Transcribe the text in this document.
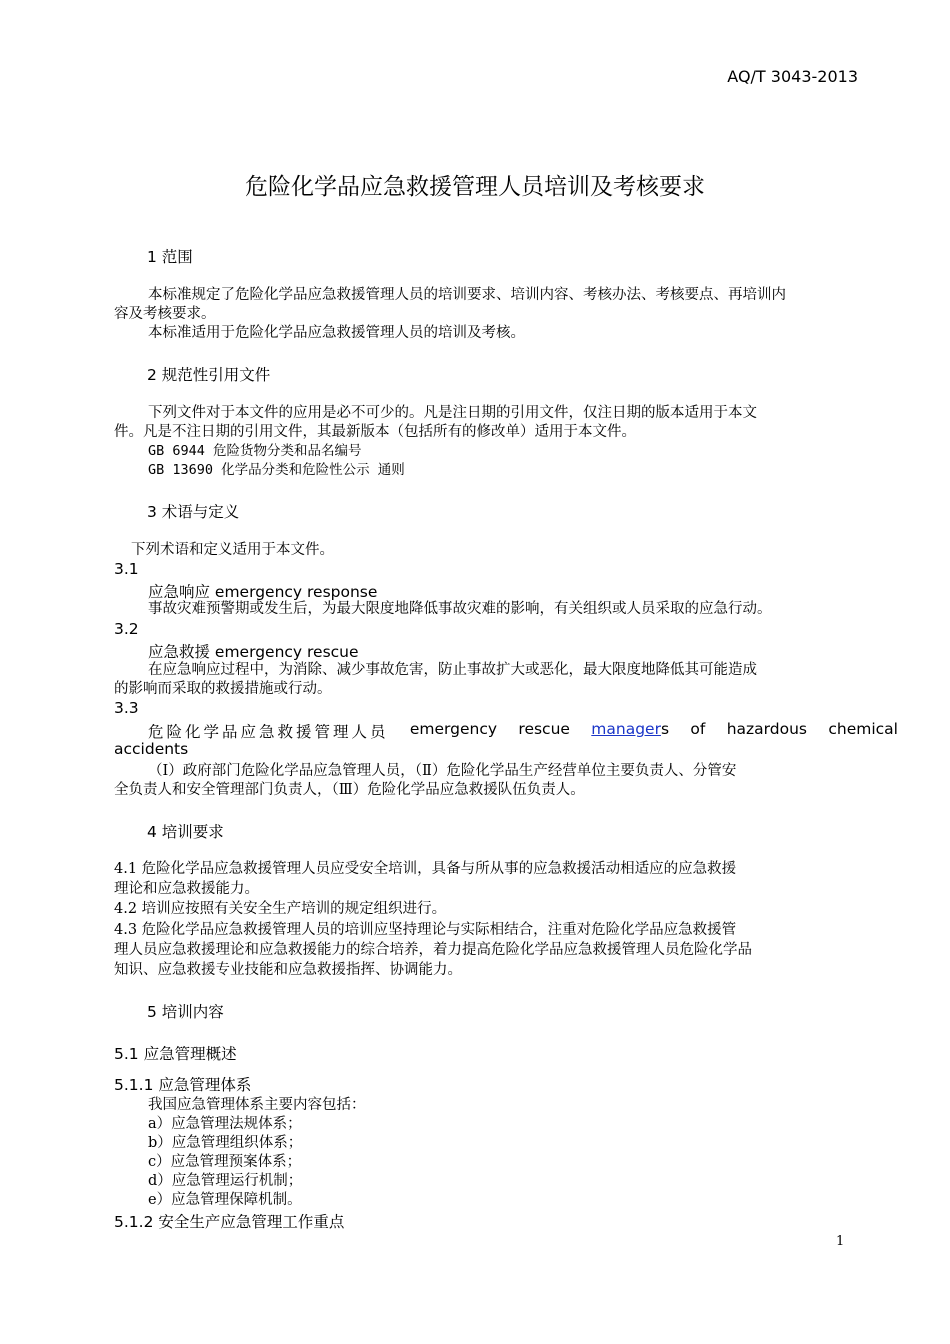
AQ/T 3043-2013
危险化学品应急救援管理人员培训及考核要求
1 范围
本标准规定了危险化学品应急救援管理人员的培训要求、培训内容、考核办法、考核要点、再培训内
容及考核要求。
本标准适用于危险化学品应急救援管理人员的培训及考核。
2 规范性引用文件
下列文件对于本文件的应用是必不可少的。凡是注日期的引用文件，仅注日期的版本适用于本文
件。凡是不注日期的引用文件，其最新版本（包括所有的修改单）适用于本文件。
GB 6944 危险货物分类和品名编号
GB 13690 化学品分类和危险性公示 通则
3 术语与定义
下列术语和定义适用于本文件。
3.1
应急响应 emergency response
事故灾难预警期或发生后，为最大限度地降低事故灾难的影响，有关组织或人员采取的应急行动。
3.2
应急救援 emergency rescue
在应急响应过程中，为消除、减少事故危害，防止事故扩大或恶化，最大限度地降低其可能造成
的影响而采取的救援措施或行动。
3.3
危险化学品应急救援管理人员 emergency rescue managers of hazardous chemical
accidents
（Ⅰ）政府部门危险化学品应急管理人员，（Ⅱ）危险化学品生产经营单位主要负责人、分管安
全负责人和安全管理部门负责人，（Ⅲ）危险化学品应急救援队伍负责人。
4 培训要求
4.1 危险化学品应急救援管理人员应受安全培训，具备与所从事的应急救援活动相适应的应急救援
理论和应急救援能力。
4.2 培训应按照有关安全生产培训的规定组织进行。
4.3 危险化学品应急救援管理人员的培训应坚持理论与实际相结合，注重对危险化学品应急救援管
理人员应急救援理论和应急救援能力的综合培养，着力提高危险化学品应急救援管理人员危险化学品
知识、应急救援专业技能和应急救援指挥、协调能力。
5 培训内容
5.1 应急管理概述
5.1.1 应急管理体系
我国应急管理体系主要内容包括：
a）应急管理法规体系；
b）应急管理组织体系；
c）应急管理预案体系；
d）应急管理运行机制；
e）应急管理保障机制。
5.1.2 安全生产应急管理工作重点
1
